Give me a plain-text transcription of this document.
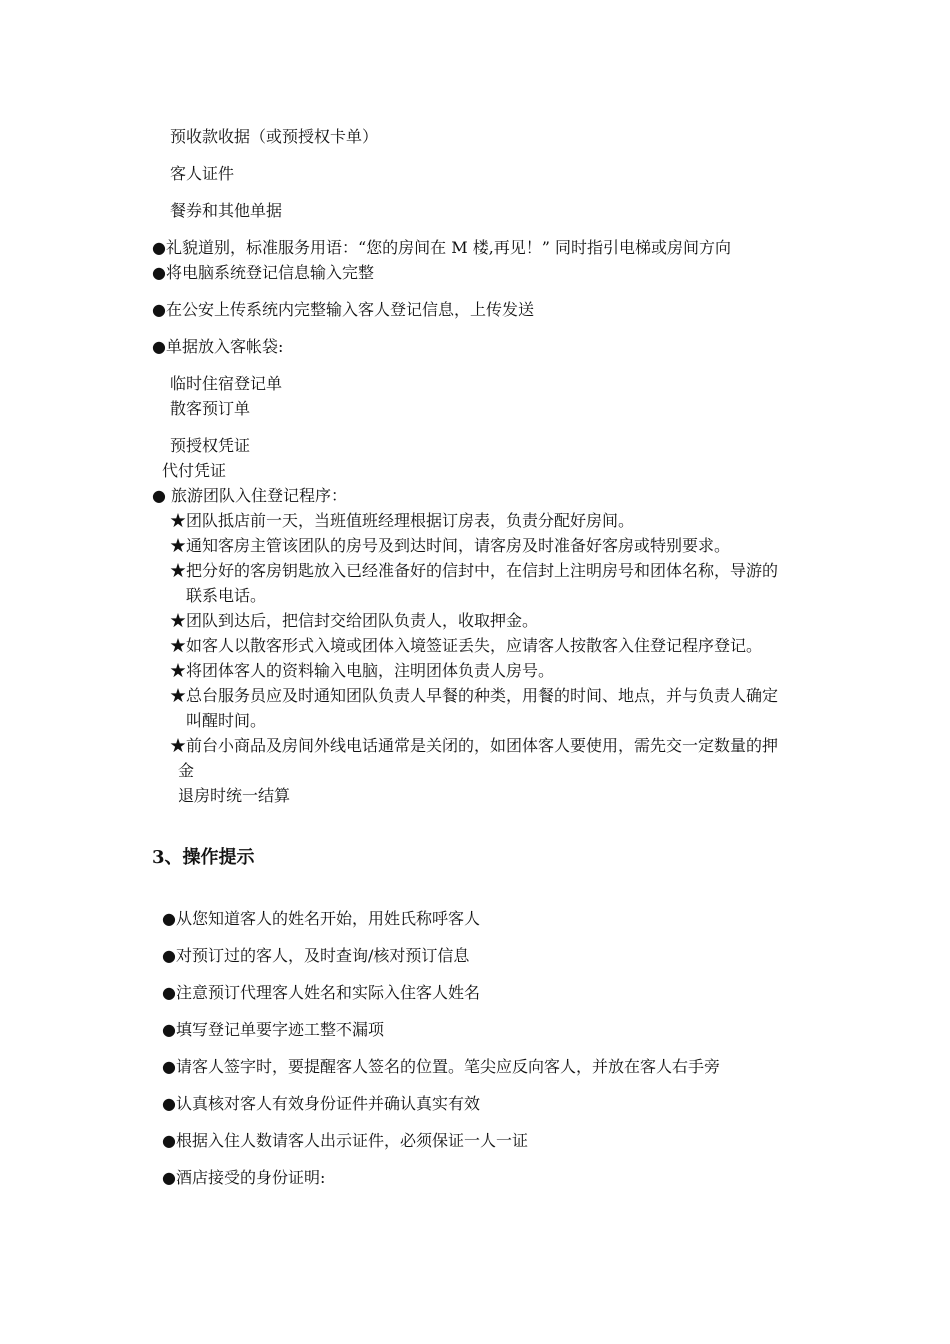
预收款收据（或预授权卡单）
客人证件
餐券和其他单据
●礼貌道别，标准服务用语：“您的房间在 M 楼,再见！” 同时指引电梯或房间方向
●将电脑系统登记信息输入完整
●在公安上传系统内完整输入客人登记信息，上传发送
●单据放入客帐袋:
临时住宿登记单
散客预订单
预授权凭证
代付凭证
● 旅游团队入住登记程序：
★团队抵店前一天，当班值班经理根据订房表，负责分配好房间。
★通知客房主管该团队的房号及到达时间，请客房及时准备好客房或特别要求。
★把分好的客房钥匙放入已经准备好的信封中，在信封上注明房号和团体名称，导游的
联系电话。
★团队到达后，把信封交给团队负责人，收取押金。
★如客人以散客形式入境或团体入境签证丢失，应请客人按散客入住登记程序登记。
★将团体客人的资料输入电脑，注明团体负责人房号。
★总台服务员应及时通知团队负责人早餐的种类，用餐的时间、地点，并与负责人确定
叫醒时间。
★前台小商品及房间外线电话通常是关闭的，如团体客人要使用，需先交一定数量的押
金
退房时统一结算
3、操作提示
●从您知道客人的姓名开始，用姓氏称呼客人
●对预订过的客人，及时查询/核对预订信息
●注意预订代理客人姓名和实际入住客人姓名
●填写登记单要字迹工整不漏项
●请客人签字时，要提醒客人签名的位置。笔尖应反向客人，并放在客人右手旁
●认真核对客人有效身份证件并确认真实有效
●根据入住人数请客人出示证件，必须保证一人一证
●酒店接受的身份证明:
